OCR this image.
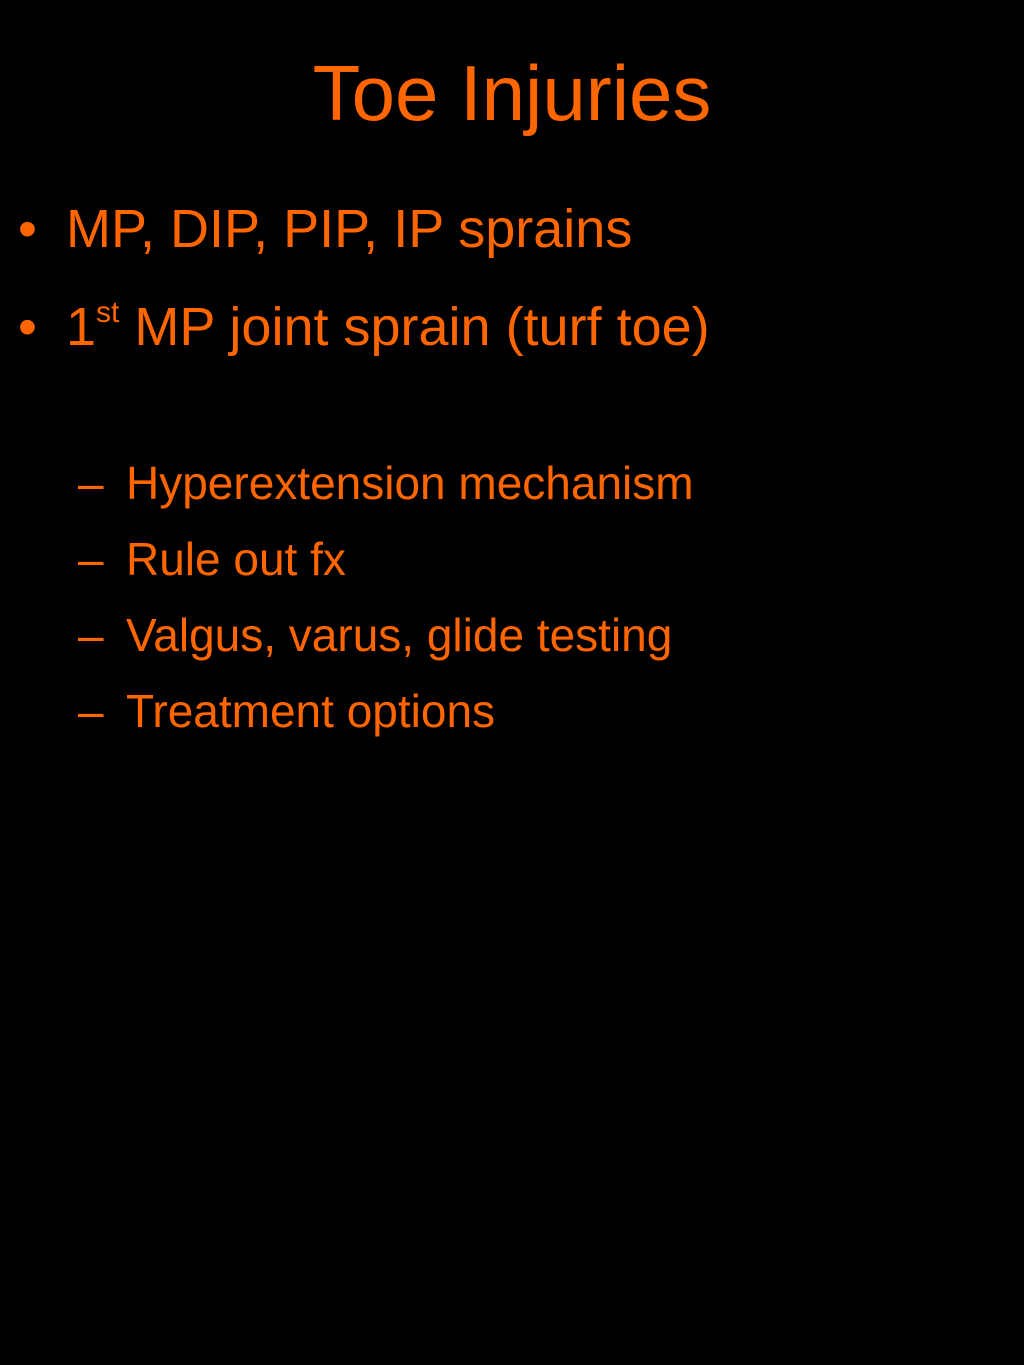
Toe Injuries
• MP, DIP, PIP, IP sprains
• 1st MP joint sprain (turf toe)
– Hyperextension mechanism
– Rule out fx
– Valgus, varus, glide testing
– Treatment options
